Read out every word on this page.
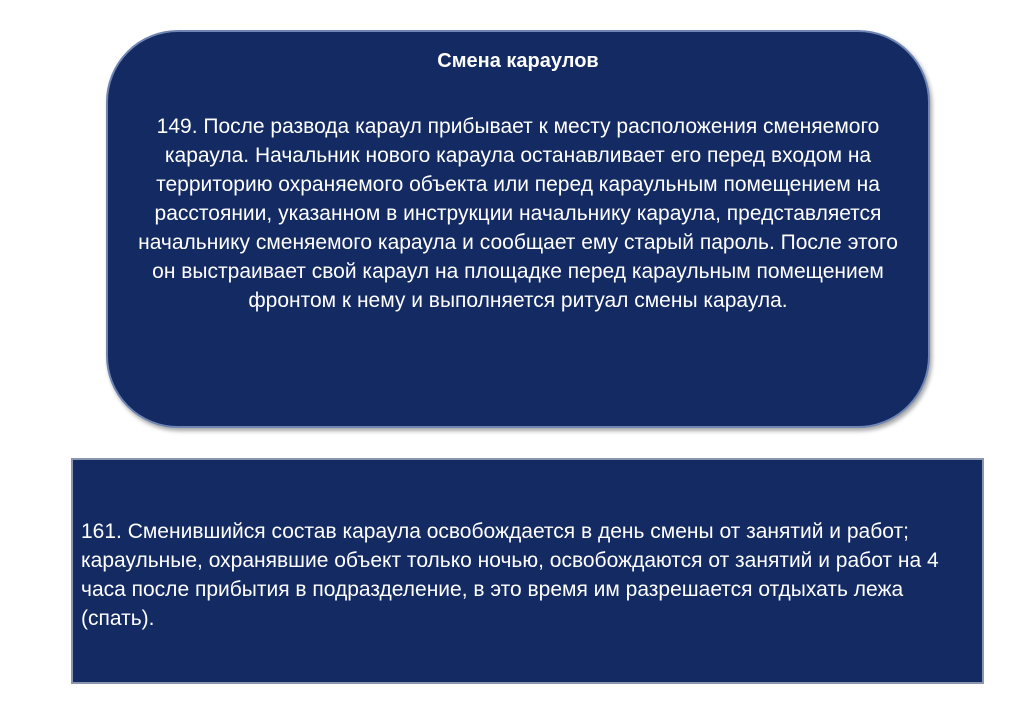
Смена караулов
149. После развода караул прибывает к месту расположения сменяемого караула. Начальник нового караула останавливает его перед входом на территорию охраняемого объекта или перед караульным помещением на расстоянии, указанном в инструкции начальнику караула, представляется начальнику сменяемого караула и сообщает ему старый пароль. После этого он выстраивает свой караул на площадке перед караульным помещением фронтом к нему и выполняется ритуал смены караула.
161. Сменившийся состав караула освобождается в день смены от занятий и работ; караульные, охранявшие объект только ночью, освобождаются от занятий и работ на 4 часа после прибытия в подразделение, в это время им разрешается отдыхать лежа (спать).
